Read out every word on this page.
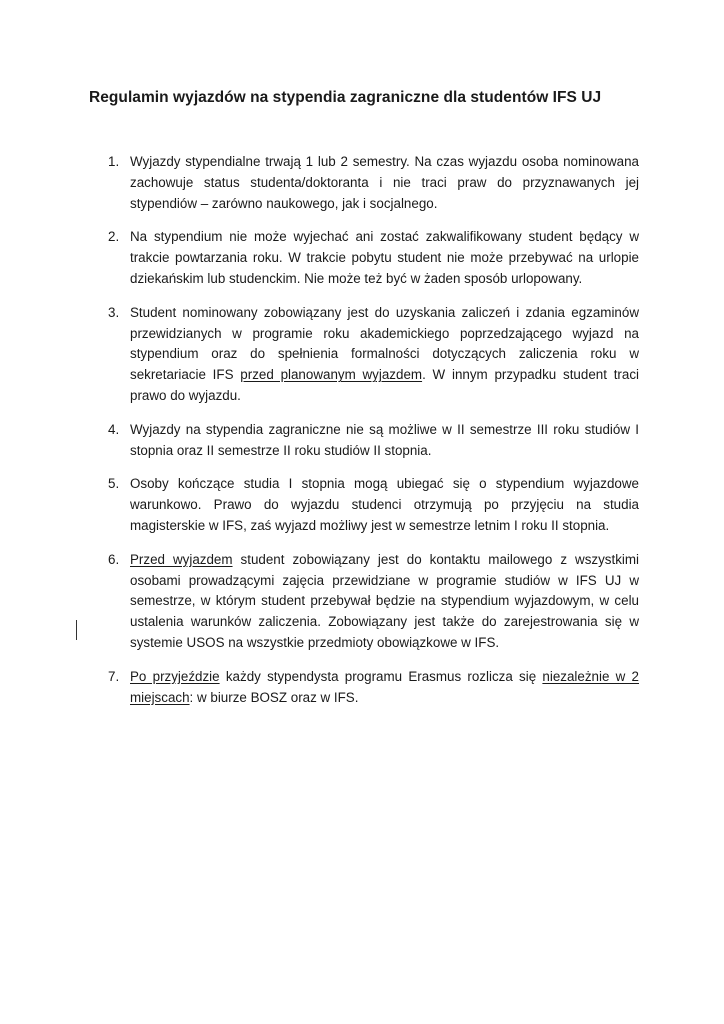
Regulamin wyjazdów na stypendia zagraniczne dla studentów IFS UJ
1. Wyjazdy stypendialne trwają 1 lub 2 semestry. Na czas wyjazdu osoba nominowana zachowuje status studenta/doktoranta i nie traci praw do przyznawanych jej stypendiów – zarówno naukowego, jak i socjalnego.
2. Na stypendium nie może wyjechać ani zostać zakwalifikowany student będący w trakcie powtarzania roku. W trakcie pobytu student nie może przebywać na urlopie dziekańskim lub studenckim. Nie może też być w żaden sposób urlopowany.
3. Student nominowany zobowiązany jest do uzyskania zaliczeń i zdania egzaminów przewidzianych w programie roku akademickiego poprzedzającego wyjazd na stypendium oraz do spełnienia formalności dotyczących zaliczenia roku w sekretariacie IFS przed planowanym wyjazdem. W innym przypadku student traci prawo do wyjazdu.
4. Wyjazdy na stypendia zagraniczne nie są możliwe w II semestrze III roku studiów I stopnia oraz II semestrze II roku studiów II stopnia.
5. Osoby kończące studia I stopnia mogą ubiegać się o stypendium wyjazdowe warunkowo. Prawo do wyjazdu studenci otrzymują po przyjęciu na studia magisterskie w IFS, zaś wyjazd możliwy jest w semestrze letnim I roku II stopnia.
6. Przed wyjazdem student zobowiązany jest do kontaktu mailowego z wszystkimi osobami prowadzącymi zajęcia przewidziane w programie studiów w IFS UJ w semestrze, w którym student przebywał będzie na stypendium wyjazdowym, w celu ustalenia warunków zaliczenia. Zobowiązany jest także do zarejestrowania się w systemie USOS na wszystkie przedmioty obowiązkowe w IFS.
7. Po przyjeździe każdy stypendysta programu Erasmus rozlicza się niezależnie w 2 miejscach: w biurze BOSZ oraz w IFS.
